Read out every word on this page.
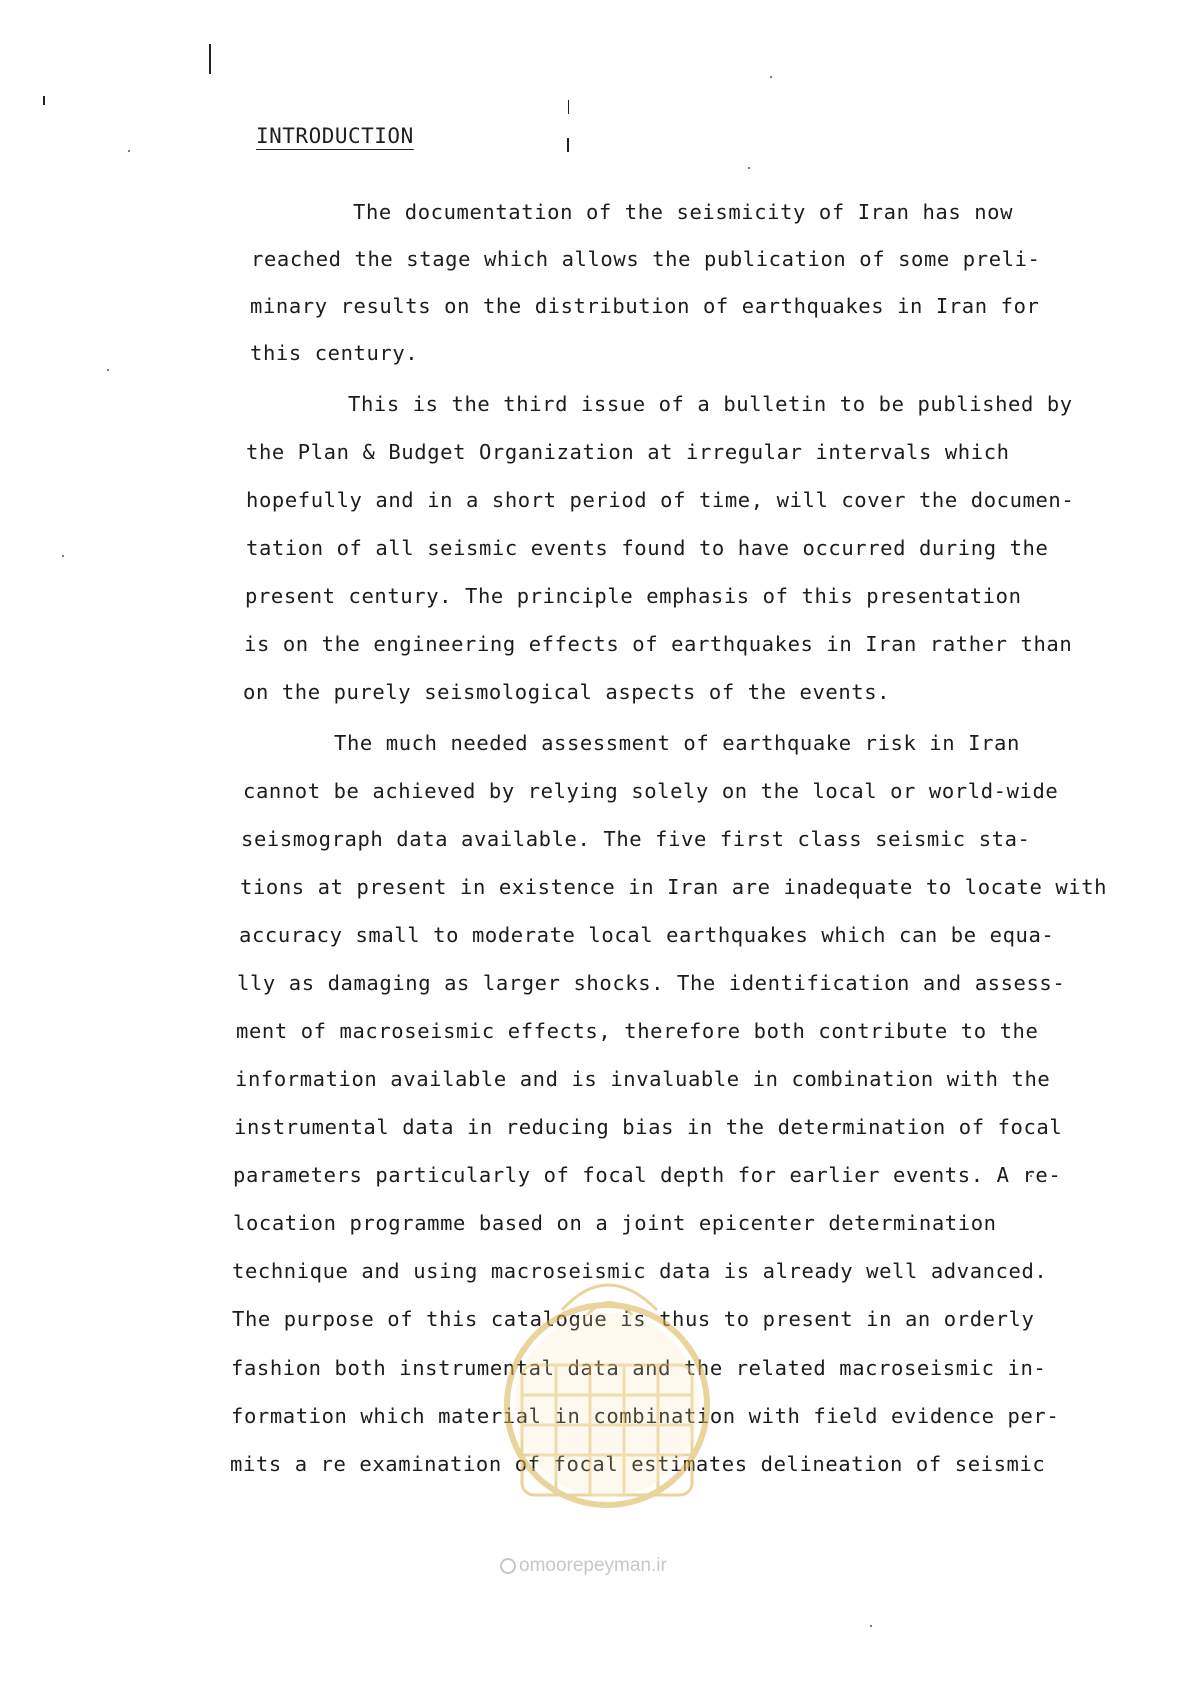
INTRODUCTION
The documentation of the seismicity of Iran has now
reached the stage which allows the publication of some preli-
minary results on the distribution of earthquakes in Iran for
this century.
This is the third issue of a bulletin to be published by
the Plan & Budget Organization at irregular intervals which
hopefully and in a short period of time, will cover the documen-
tation of all seismic events found to have occurred during the
present century. The principle emphasis of this presentation
is on the engineering effects of earthquakes in Iran rather than
on the purely seismological aspects of the events.
The much needed assessment of earthquake risk in Iran
cannot be achieved by relying solely on the local or world-wide
seismograph data available. The five first class seismic sta-
tions at present in existence in Iran are inadequate to locate with
accuracy small to moderate local earthquakes which can be equa-
lly as damaging as larger shocks. The identification and assess-
ment of macroseismic effects, therefore both contribute to the
information available and is invaluable in combination with the
instrumental data in reducing bias in the determination of focal
parameters particularly of focal depth for earlier events. A re-
location programme based on a joint epicenter determination
technique and using macroseismic data is already well advanced.
The purpose of this catalogue is thus to present in an orderly
fashion both instrumental data and the related macroseismic in-
formation which material in combination with field evidence per-
mits a re examination of focal estimates delineation of seismic
omoorepeyman.ir
